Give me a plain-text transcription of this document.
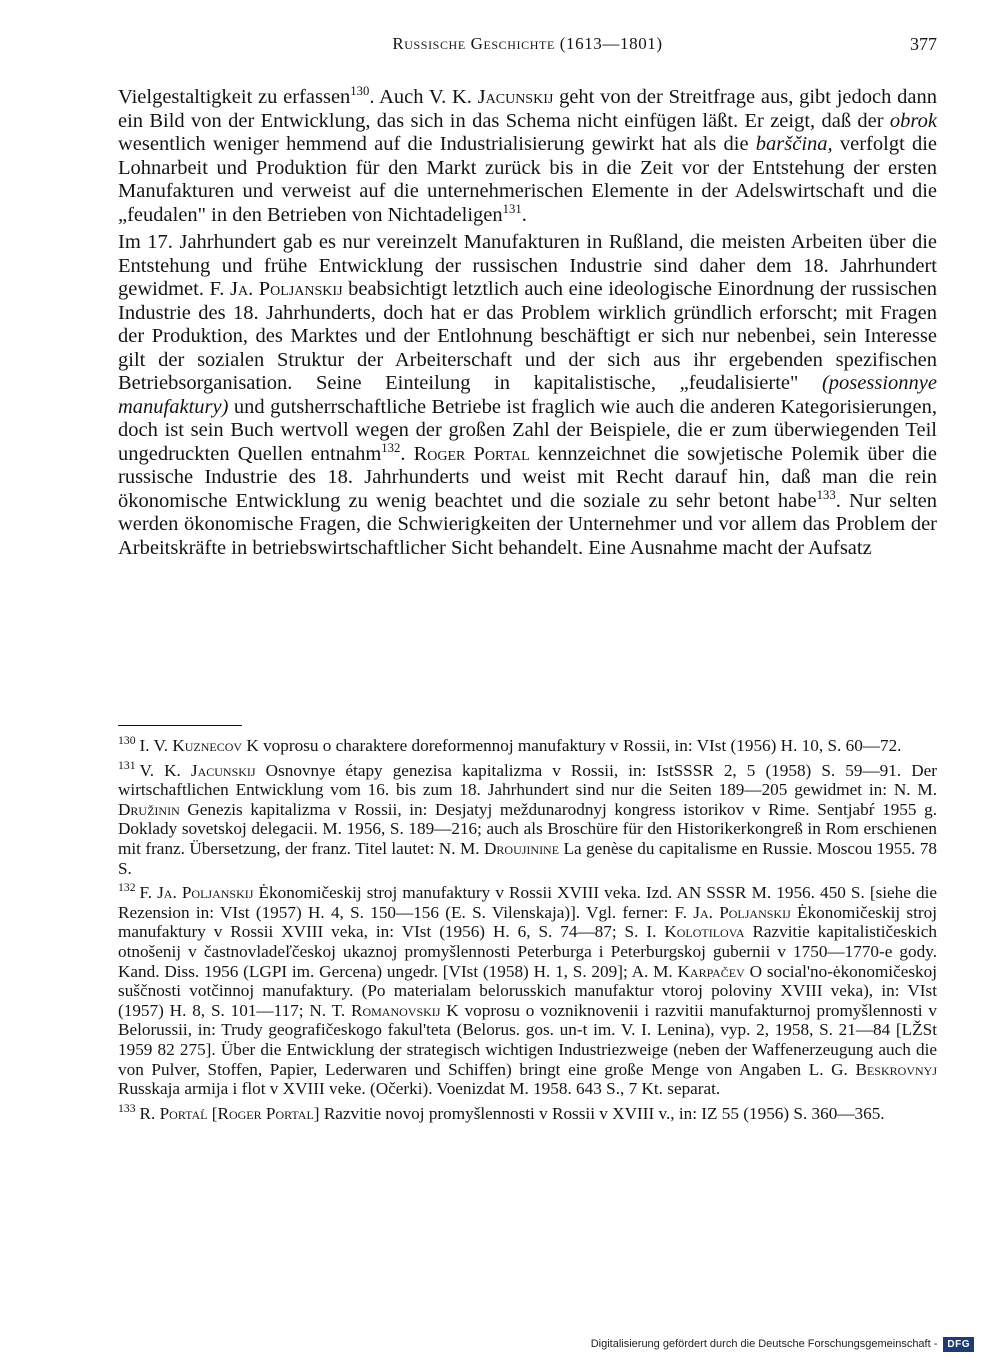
Russische Geschichte (1613—1801)	377

Vielgestaltigkeit zu erfassen$^{130}$. Auch V. K. Jacunskij geht von der Streitfrage aus, gibt jedoch dann ein Bild von der Entwicklung, das sich in das Schema nicht einfügen läßt. Er zeigt, daß der obrok wesentlich weniger hemmend auf die Industrialisierung gewirkt hat als die barščina, verfolgt die Lohnarbeit und Produktion für den Markt zurück bis in die Zeit vor der Entstehung der ersten Manufakturen und verweist auf die unternehmerischen Elemente in der Adelswirtschaft und die „feudalen" in den Betrieben von Nichtadeligen$^{131}$.

Im 17. Jahrhundert gab es nur vereinzelt Manufakturen in Rußland, die meisten Arbeiten über die Entstehung und frühe Entwicklung der russischen Industrie sind daher dem 18. Jahrhundert gewidmet. F. Ja. Poljanskij beabsichtigt letztlich auch eine ideologische Einordnung der russischen Industrie des 18. Jahrhunderts, doch hat er das Problem wirklich gründlich erforscht; mit Fragen der Produktion, des Marktes und der Entlohnung beschäftigt er sich nur nebenbei, sein Interesse gilt der sozialen Struktur der Arbeiterschaft und der sich aus ihr ergebenden spezifischen Betriebsorganisation. Seine Einteilung in kapitalistische, „feudalisierte" (posessionnye manufaktury) und gutsherrschaftliche Betriebe ist fraglich wie auch die anderen Kategorisierungen, doch ist sein Buch wertvoll wegen der großen Zahl der Beispiele, die er zum überwiegenden Teil ungedruckten Quellen entnahm$^{132}$. Roger Portal kennzeichnet die sowjetische Polemik über die russische Industrie des 18. Jahrhunderts und weist mit Recht darauf hin, daß man die rein ökonomische Entwicklung zu wenig beachtet und die soziale zu sehr betont habe$^{133}$. Nur selten werden ökonomische Fragen, die Schwierigkeiten der Unternehmer und vor allem das Problem der Arbeitskräfte in betriebswirtschaftlicher Sicht behandelt. Eine Ausnahme macht der Aufsatz

$^{130}$ I. V. Kuznecov K voprosu o charaktere doreformennoj manufaktury v Rossii, in: VIst (1956) H. 10, S. 60—72.

$^{131}$ V. K. Jacunskij Osnovnye étapy genezisa kapitalizma v Rossii, in: IstSSSR 2, 5 (1958) S. 59—91. Der wirtschaftlichen Entwicklung vom 16. bis zum 18. Jahrhundert sind nur die Seiten 189—205 gewidmet in: N. M. Družinin Genezis kapitalizma v Rossii, in: Desjatyj meždunarodnyj kongress istorikov v Rime. Sentjabŕ 1955 g. Doklady sovetskoj delegacii. M. 1956, S. 189—216; auch als Broschüre für den Historikerkongreß in Rom erschienen mit franz. Übersetzung, der franz. Titel lautet: N. M. Droujinine La genèse du capitalisme en Russie. Moscou 1955. 78 S.

$^{132}$ F. Ja. Poljanskij Ėkonomičeskij stroj manufaktury v Rossii XVIII veka. Izd. AN SSSR M. 1956. 450 S. [siehe die Rezension in: VIst (1957) H. 4, S. 150—156 (E. S. Vilenskaja)]. Vgl. ferner: F. Ja. Poljanskij Ėkonomičeskij stroj manufaktury v Rossii XVIII veka, in: VIst (1956) H. 6, S. 74—87; S. I. Kolotilova Razvitie kapitalističeskich otnošenij v častnovladeľčeskoj ukaznoj promyšlennosti Peterburga i Peterburgskoj gubernii v 1750—1770-e gody. Kand. Diss. 1956 (LGPI im. Gercena) ungedr. [VIst (1958) H. 1, S. 209]; A. M. Karpačev O social'no-ėkonomičeskoj suščnosti votčinnoj manufaktury. (Po materialam belorusskich manufaktur vtoroj poloviny XVIII veka), in: VIst (1957) H. 8, S. 101—117; N. T. Romanovskij K voprosu o vozniknovenii i razvitii manufakturnoj promyšlennosti v Belorussii, in: Trudy geografičeskogo fakul'teta (Belorus. gos. un-t im. V. I. Lenina), vyp. 2, 1958, S. 21—84 [LŽSt 1959 82 275]. Über die Entwicklung der strategisch wichtigen Industriezweige (neben der Waffenerzeugung auch die von Pulver, Stoffen, Papier, Lederwaren und Schiffen) bringt eine große Menge von Angaben L. G. Beskrovnyj Russkaja armija i flot v XVIII veke. (Očerki). Voenizdat M. 1958. 643 S., 7 Kt. separat.

$^{133}$ R. Portaĺ [Roger Portal] Razvitie novoj promyšlennosti v Rossii v XVIII v., in: IZ 55 (1956) S. 360—365.

Digitalisierung gefördert durch die Deutsche Forschungsgemeinschaft -	DFG
